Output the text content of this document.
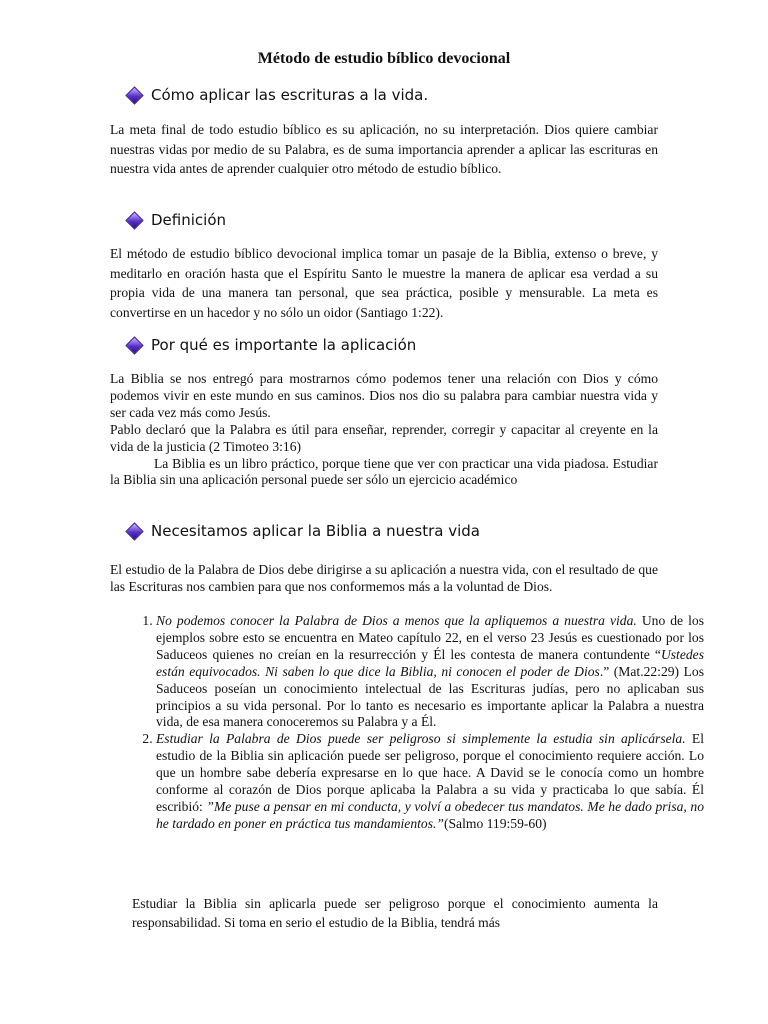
Método de estudio bíblico devocional
Cómo aplicar las escrituras a la vida.
La meta final de todo estudio bíblico es su aplicación, no su interpretación. Dios quiere cambiar nuestras vidas por medio de su Palabra, es de suma importancia aprender a aplicar las escrituras en nuestra vida antes de aprender cualquier otro método de estudio bíblico.
Definición
El método de estudio bíblico devocional implica tomar un pasaje de la Biblia, extenso o breve, y meditarlo en oración hasta que el Espíritu Santo le muestre la manera de aplicar esa verdad a su propia vida de una manera tan personal, que sea práctica, posible y mensurable. La meta es convertirse en un hacedor y no sólo un oidor (Santiago 1:22).
Por qué es importante la aplicación
La Biblia se nos entregó para mostrarnos cómo podemos tener una relación con Dios y cómo podemos vivir en este mundo en sus caminos. Dios nos dio su palabra para cambiar nuestra vida y ser cada vez más como Jesús.
Pablo declaró que la Palabra es útil para enseñar, reprender, corregir y capacitar al creyente en la vida de la justicia (2 Timoteo 3:16)
La Biblia es un libro práctico, porque tiene que ver con practicar una vida piadosa. Estudiar la Biblia sin una aplicación personal puede ser sólo un ejercicio académico
Necesitamos aplicar la Biblia a nuestra vida
El estudio de la Palabra de Dios debe dirigirse a su aplicación a nuestra vida, con el resultado de que las Escrituras nos cambien para que nos conformemos más a la voluntad de Dios.
1. No podemos conocer la Palabra de Dios a menos que la apliquemos a nuestra vida. Uno de los ejemplos sobre esto se encuentra en Mateo capítulo 22, en el verso 23 Jesús es cuestionado por los Saduceos quienes no creían en la resurrección y Él les contesta de manera contundente “Ustedes están equivocados. Ni saben lo que dice la Biblia, ni conocen el poder de Dios.” (Mat.22:29) Los Saduceos poseían un conocimiento intelectual de las Escrituras judías, pero no aplicaban sus principios a su vida personal. Por lo tanto es necesario es importante aplicar la Palabra a nuestra vida, de esa manera conoceremos su Palabra y a Él.
2. Estudiar la Palabra de Dios puede ser peligroso si simplemente la estudia sin aplicársela. El estudio de la Biblia sin aplicación puede ser peligroso, porque el conocimiento requiere acción. Lo que un hombre sabe debería expresarse en lo que hace. A David se le conocía como un hombre conforme al corazón de Dios porque aplicaba la Palabra a su vida y practicaba lo que sabía. Él escribió: ”Me puse a pensar en mi conducta, y volví a obedecer tus mandatos. Me he dado prisa, no he tardado en poner en práctica tus mandamientos.”(Salmo 119:59-60)
Estudiar la Biblia sin aplicarla puede ser peligroso porque el conocimiento aumenta la responsabilidad. Si toma en serio el estudio de la Biblia, tendrá más
